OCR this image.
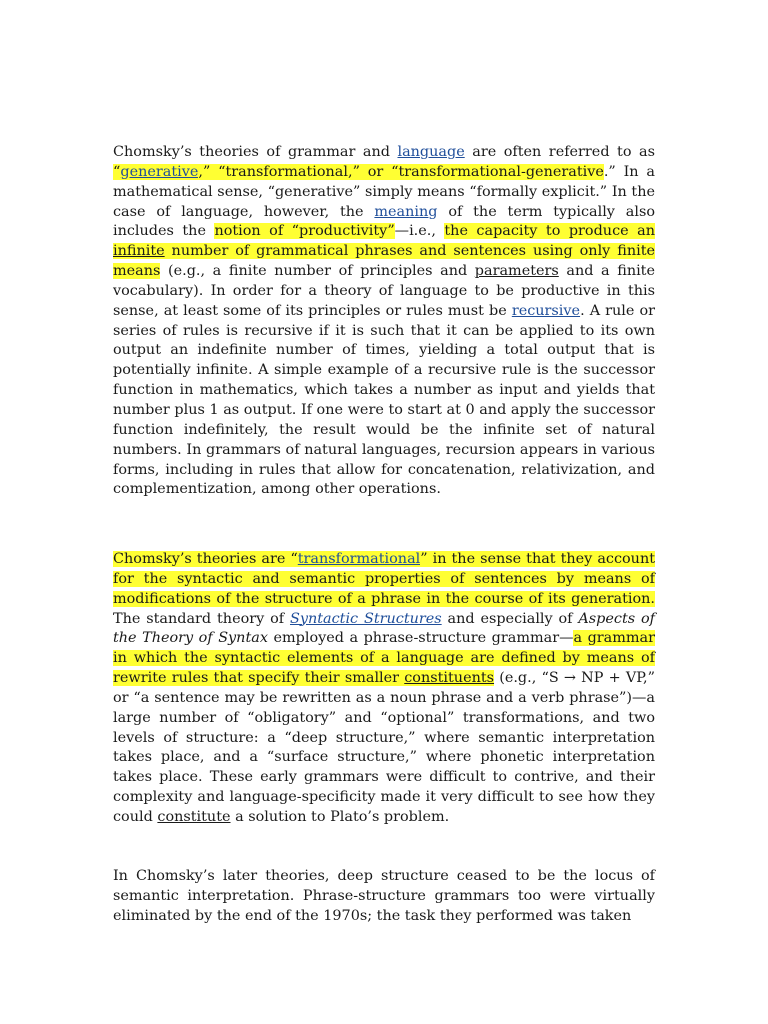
Chomsky’s theories of grammar and language are often referred to as “generative,” “transformational,” or “transformational-generative.” In a mathematical sense, “generative” simply means “formally explicit.” In the case of language, however, the meaning of the term typically also includes the notion of “productivity”—i.e., the capacity to produce an infinite number of grammatical phrases and sentences using only finite means (e.g., a finite number of principles and parameters and a finite vocabulary). In order for a theory of language to be productive in this sense, at least some of its principles or rules must be recursive. A rule or series of rules is recursive if it is such that it can be applied to its own output an indefinite number of times, yielding a total output that is potentially infinite. A simple example of a recursive rule is the successor function in mathematics, which takes a number as input and yields that number plus 1 as output. If one were to start at 0 and apply the successor function indefinitely, the result would be the infinite set of natural numbers. In grammars of natural languages, recursion appears in various forms, including in rules that allow for concatenation, relativization, and complementization, among other operations.

Chomsky’s theories are “transformational” in the sense that they account for the syntactic and semantic properties of sentences by means of modifications of the structure of a phrase in the course of its generation. The standard theory of Syntactic Structures and especially of Aspects of the Theory of Syntax employed a phrase-structure grammar—a grammar in which the syntactic elements of a language are defined by means of rewrite rules that specify their smaller constituents (e.g., “S → NP + VP,” or “a sentence may be rewritten as a noun phrase and a verb phrase”)—a large number of “obligatory” and “optional” transformations, and two levels of structure: a “deep structure,” where semantic interpretation takes place, and a “surface structure,” where phonetic interpretation takes place. These early grammars were difficult to contrive, and their complexity and language-specificity made it very difficult to see how they could constitute a solution to Plato’s problem.

In Chomsky’s later theories, deep structure ceased to be the locus of semantic interpretation. Phrase-structure grammars too were virtually eliminated by the end of the 1970s; the task they performed was taken
